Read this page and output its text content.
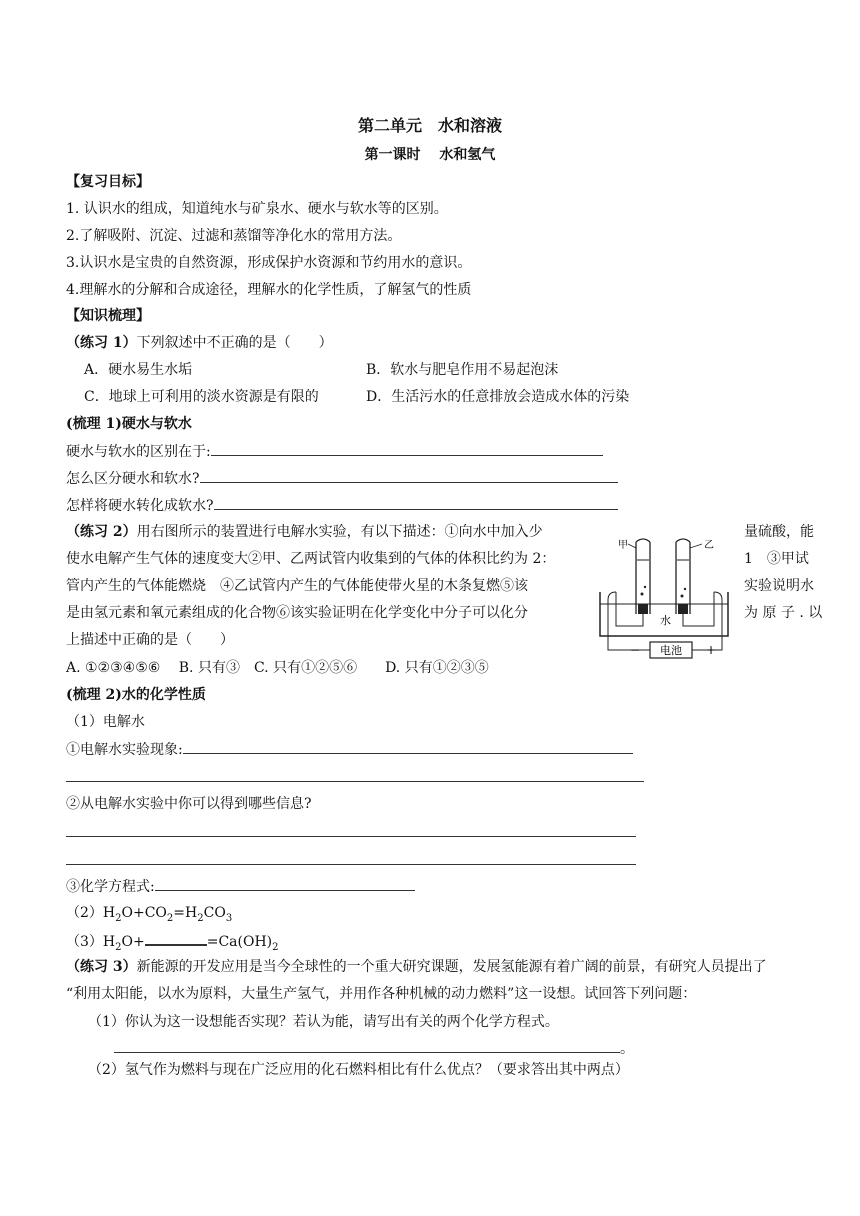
第二单元　水和溶液
第一课时　 水和氢气
【复习目标】
1. 认识水的组成，知道纯水与矿泉水、硬水与软水等的区别。
2.了解吸附、沉淀、过滤和蒸馏等净化水的常用方法。
3.认识水是宝贵的自然资源，形成保护水资源和节约用水的意识。
4.理解水的分解和合成途径，理解水的化学性质，了解氢气的性质
【知识梳理】
（练习 1）下列叙述中不正确的是（　　）
A．硬水易生水垢	B．软水与肥皂作用不易起泡沫
C．地球上可利用的淡水资源是有限的	D．生活污水的任意排放会造成水体的污染
(梳理 1)硬水与软水
硬水与软水的区别在于:
怎么区分硬水和软水?
怎样将硬水转化成软水?
（练习 2）用右图所示的装置进行电解水实验，有以下描述：①向水中加入少	量硫酸，能
使水电解产生气体的速度变大②甲、乙两试管内收集到的气体的体积比约为 2：	1　③甲试
管内产生的气体能燃烧　④乙试管内产生的气体能使带火星的木条复燃⑤该	实验说明水
是由氢元素和氧元素组成的化合物⑥该实验证明在化学变化中分子可以化分	为 原 子 . 以
上描述中正确的是（　　）
A. ①②③④⑤⑥　 B. 只有③　C. 只有①②⑤⑥　　D. 只有①②③⑤
电池
−	+
甲	乙
水
(梳理 2)水的化学性质
（1）电解水
①电解水实验现象:
②从电解水实验中你可以得到哪些信息?
③化学方程式:
$(2)H_2O+CO_2=H_2CO_3$
$(3)H_2O+$	$=Ca(OH)_2$
（练习 3）新能源的开发应用是当今全球性的一个重大研究课题，发展氢能源有着广阔的前景，有研究人员提出了
“利用太阳能，以水为原料，大量生产氢气，并用作各种机械的动力燃料”这一设想。试回答下列问题：
（1）你认为这一设想能否实现？若认为能，请写出有关的两个化学方程式。
。
（2）氢气作为燃料与现在广泛应用的化石燃料相比有什么优点？（要求答出其中两点）
